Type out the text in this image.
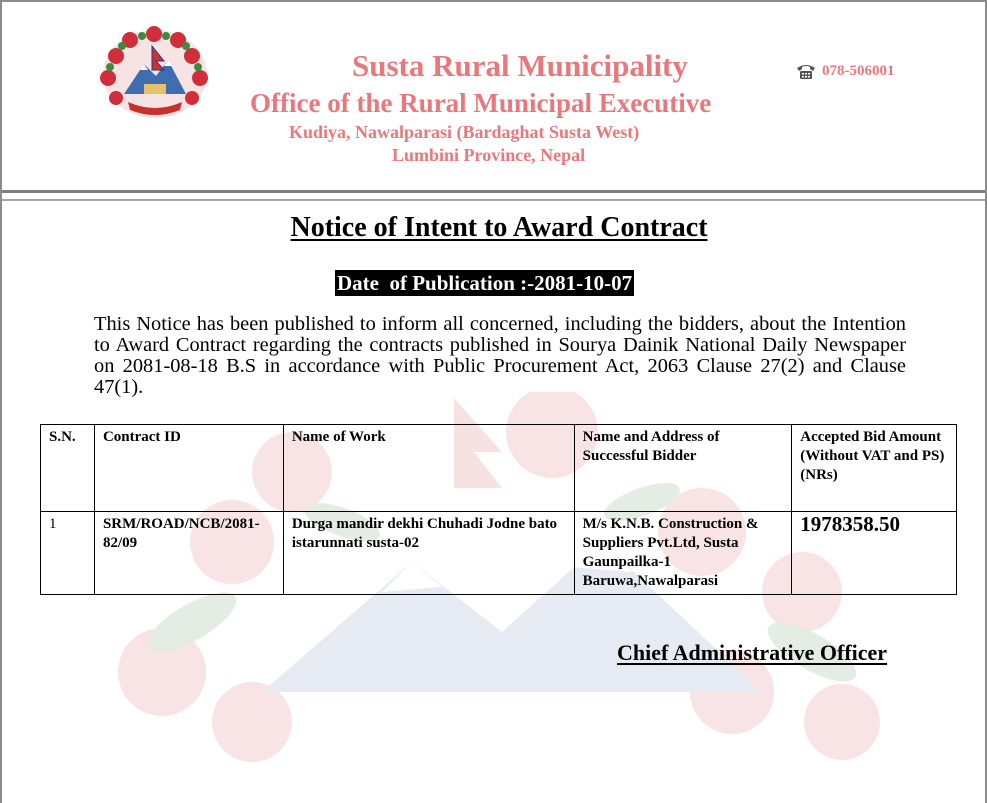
Susta Rural Municipality
Office of the Rural Municipal Executive
Kudiya, Nawalparasi (Bardaghat Susta West)
Lumbini Province, Nepal
078-506001
Notice of Intent to Award Contract
Date  of Publication :-2081-10-07
This Notice has been published to inform all concerned, including the bidders, about the Intention to Award Contract regarding the contracts published in Sourya Dainik National Daily Newspaper on 2081-08-18 B.S in accordance with Public Procurement Act, 2063 Clause 27(2) and Clause 47(1).
S.N.	Contract ID	Name of Work	Name and Address of Successful Bidder	Accepted Bid Amount (Without VAT and PS) (NRs)
1	SRM/ROAD/NCB/2081-82/09	Durga mandir dekhi Chuhadi Jodne bato istarunnati susta-02	M/s K.N.B. Construction & Suppliers Pvt.Ltd, Susta Gaunpailka-1 Baruwa,Nawalparasi	1978358.50
Chief Administrative Officer
